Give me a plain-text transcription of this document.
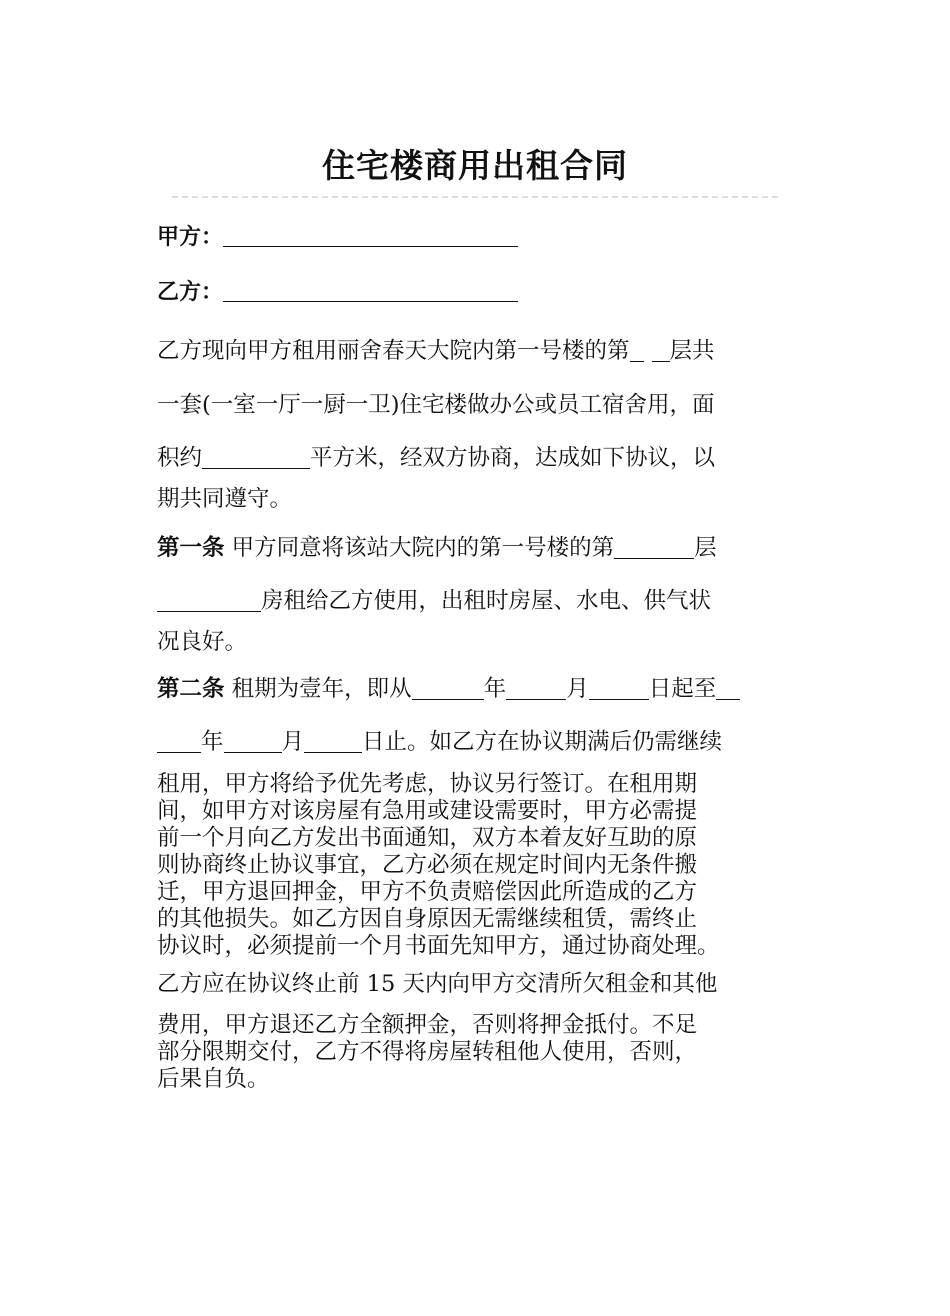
住宅楼商用出租合同
甲方：
乙方：
乙方现向甲方租用丽舍春天大院内第一号楼的第 层共
一套(一室一厅一厨一卫)住宅楼做办公或员工宿舍用，面
积约	平方米，经双方协商，达成如下协议，以
期共同遵守。
第一条 甲方同意将该站大院内的第一号楼的第	层
房租给乙方使用，出租时房屋、水电、供气状
况良好。
第二条 租期为壹年，即从	年	月	日起至
年	月	日止。如乙方在协议期满后仍需继续
租用，甲方将给予优先考虑，协议另行签订。在租用期
间，如甲方对该房屋有急用或建设需要时，甲方必需提
前一个月向乙方发出书面通知，双方本着友好互助的原
则协商终止协议事宜，乙方必须在规定时间内无条件搬
迁，甲方退回押金，甲方不负责赔偿因此所造成的乙方
的其他损失。如乙方因自身原因无需继续租赁，需终止
协议时，必须提前一个月书面先知甲方，通过协商处理。
乙方应在协议终止前 15 天内向甲方交清所欠租金和其他
费用，甲方退还乙方全额押金，否则将押金抵付。不足
部分限期交付，乙方不得将房屋转租他人使用，否则，
后果自负。
